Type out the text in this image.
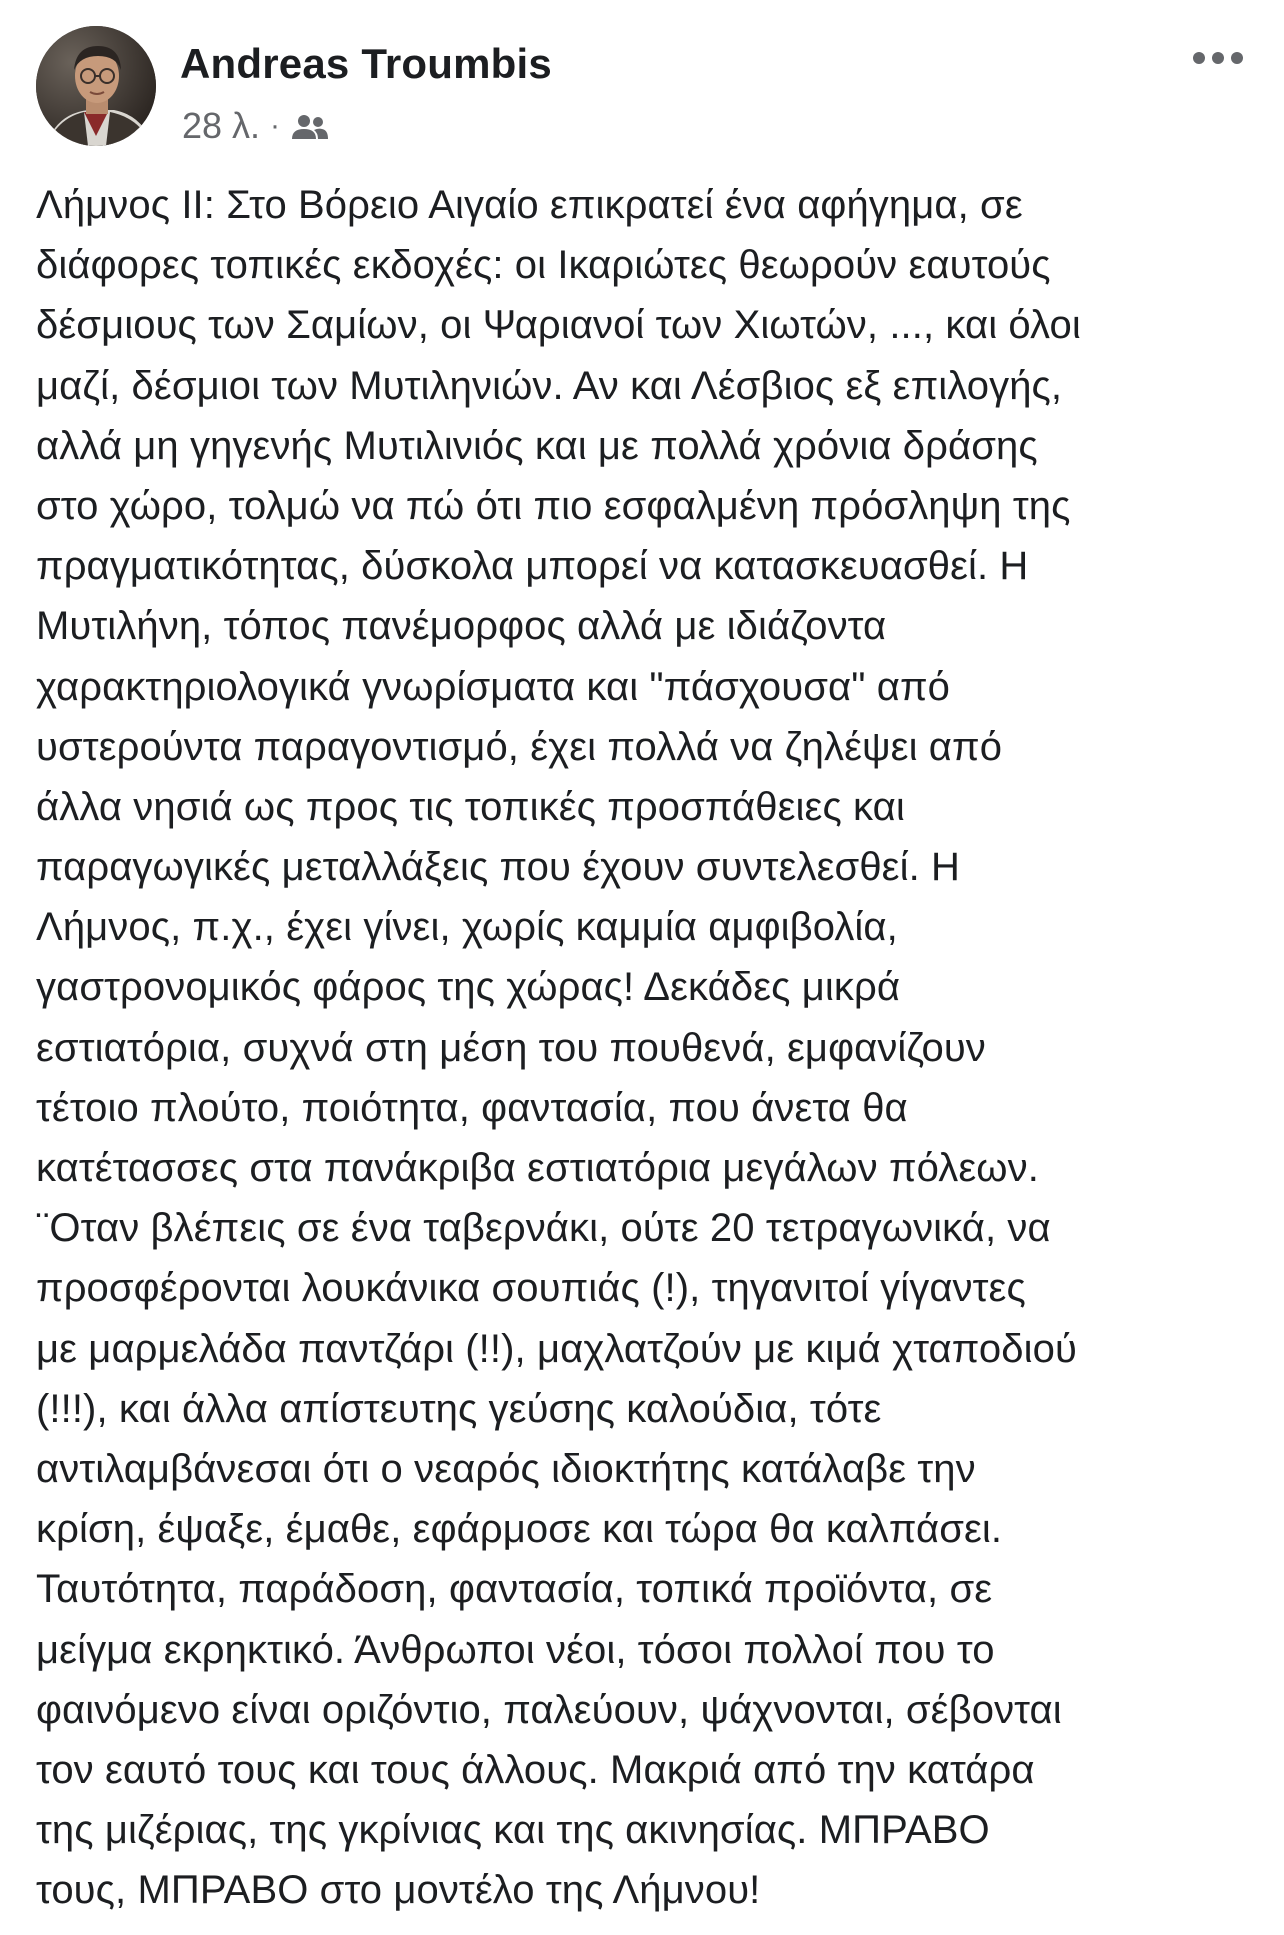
Andreas Troumbis
28 λ. ·
Λήμνος ΙΙ: Στο Βόρειο Αιγαίο επικρατεί ένα αφήγημα, σε
διάφορες τοπικές εκδοχές: οι Ικαριώτες θεωρούν εαυτούς
δέσμιους των Σαμίων, οι Ψαριανοί των Χιωτών, ..., και όλοι
μαζί, δέσμιοι των Μυτιληνιών. Αν και Λέσβιος εξ επιλογής,
αλλά μη γηγενής Μυτιλινιός και με πολλά χρόνια δράσης
στο χώρο, τολμώ να πώ ότι πιο εσφαλμένη πρόσληψη της
πραγματικότητας, δύσκολα μπορεί να κατασκευασθεί. Η
Μυτιλήνη, τόπος πανέμορφος αλλά με ιδιάζοντα
χαρακτηριολογικά γνωρίσματα και "πάσχουσα" από
υστερούντα παραγοντισμό, έχει πολλά να ζηλέψει από
άλλα νησιά ως προς τις τοπικές προσπάθειες και
παραγωγικές μεταλλάξεις που έχουν συντελεσθεί. Η
Λήμνος, π.χ., έχει γίνει, χωρίς καμμία αμφιβολία,
γαστρονομικός φάρος της χώρας! Δεκάδες μικρά
εστιατόρια, συχνά στη μέση του πουθενά, εμφανίζουν
τέτοιο πλούτο, ποιότητα, φαντασία, που άνετα θα
κατέτασσες στα πανάκριβα εστιατόρια μεγάλων πόλεων.
¨Οταν βλέπεις σε ένα ταβερνάκι, ούτε 20 τετραγωνικά, να
προσφέρονται λουκάνικα σουπιάς (!), τηγανιτοί γίγαντες
με μαρμελάδα παντζάρι (!!), μαχλατζούν με κιμά χταποδιού
(!!!), και άλλα απίστευτης γεύσης καλούδια, τότε
αντιλαμβάνεσαι ότι ο νεαρός ιδιοκτήτης κατάλαβε την
κρίση, έψαξε, έμαθε, εφάρμοσε και τώρα θα καλπάσει.
Ταυτότητα, παράδοση, φαντασία, τοπικά προϊόντα, σε
μείγμα εκρηκτικό. Άνθρωποι νέοι, τόσοι πολλοί που το
φαινόμενο είναι οριζόντιο, παλεύουν, ψάχνονται, σέβονται
τον εαυτό τους και τους άλλους. Μακριά από την κατάρα
της μιζέριας, της γκρίνιας και της ακινησίας. ΜΠΡΑΒΟ
τους, ΜΠΡΑΒΟ στο μοντέλο της Λήμνου!
